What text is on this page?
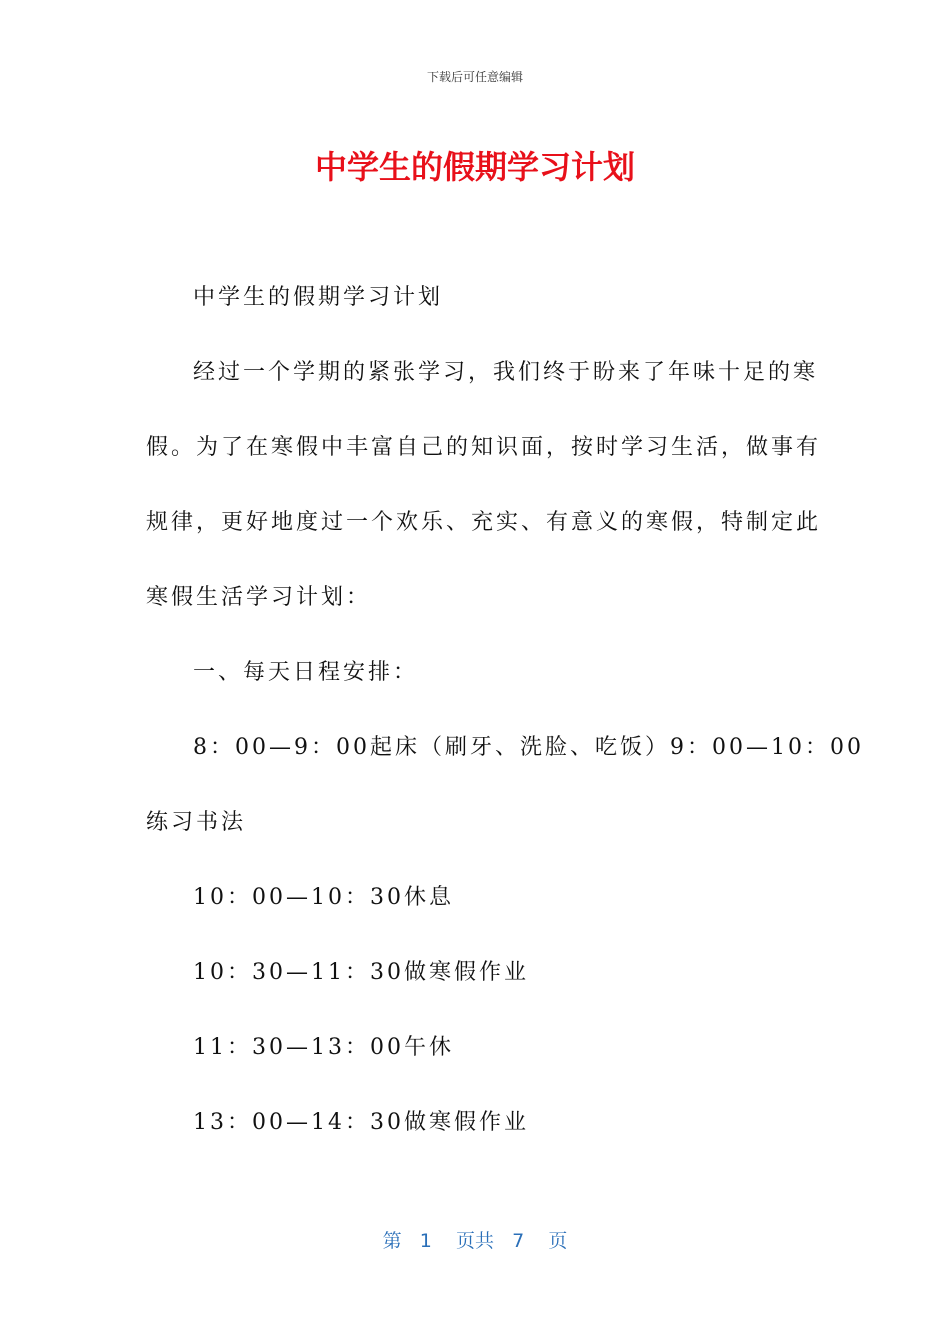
下载后可任意编辑
中学生的假期学习计划
中学生的假期学习计划
经过一个学期的紧张学习，我们终于盼来了年味十足的寒
假。为了在寒假中丰富自己的知识面，按时学习生活，做事有
规律，更好地度过一个欢乐、充实、有意义的寒假，特制定此
寒假生活学习计划：
一、每天日程安排：
8：00—9：00起床（刷牙、洗脸、吃饭）9：00—10：00
练习书法
10：00—10：30休息
10：30—11：30做寒假作业
11：30—13：00午休
13：00—14：30做寒假作业
第 1 页共 7 页
